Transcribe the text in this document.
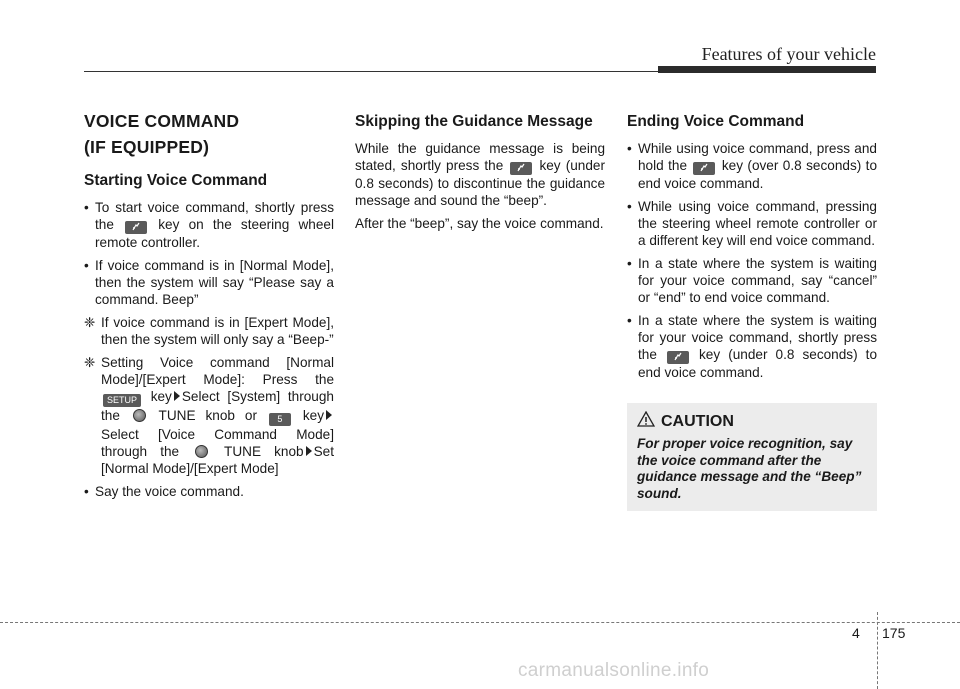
Features of your vehicle
VOICE COMMAND
(IF EQUIPPED)
Starting Voice Command
• To start voice command, shortly press the	key on the steering wheel remote controller.
• If voice command is in [Normal Mode], then the system will say “Please say a command. Beep”
❈ If voice command is in [Expert Mode], then the system will only say a “Beep-”
❈ Setting Voice command [Normal Mode]/[Expert Mode]: Press the SETUP key Select [System] through the	TUNE knob or 5 keySelect [Voice Command Mode] through the	TUNE knob Set [Normal Mode]/[Expert Mode]
• Say the voice command.
Skipping the Guidance Message

While the guidance message is being stated, shortly press the	key (under 0.8 seconds) to discontinue the guidance message and sound the “beep”.

After the “beep”, say the voice command.

Ending Voice Command
• While using voice command, press and hold the	key (over 0.8 seconds) to end voice command.
• While using voice command, pressing the steering wheel remote controller or a different key will end voice command.
• In a state where the system is waiting for your voice command, say “cancel” or “end” to end voice command.
• In a state where the system is waiting for your voice command, shortly press the	key (under 0.8 seconds) to end voice command.
CAUTION

For proper voice recognition, say the voice command after the guidance message and the “Beep” sound.

4 175
carmanualsonline.info
